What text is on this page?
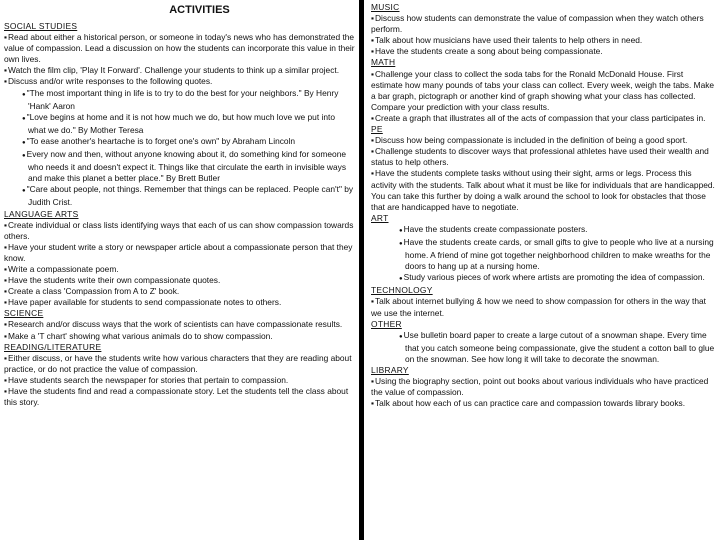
ACTIVITIES

SOCIAL STUDIES

▪ Read about either a historical person, or someone in today's news who has demonstrated the value of compassion. Lead a discussion on how the students can incorporate this value in their own lives.

▪ Watch the film clip, 'Play It Forward'. Challenge your students to think up a similar project.

▪ Discuss and/or write responses to the following quotes.

● "The most important thing in life is to try to do the best for your neighbors." By Henry 'Hank' Aaron

● "Love begins at home and it is not how much we do, but how much love we put into what we do." By Mother Teresa

● "To ease another's heartache is to forget one's own" by Abraham Lincoln

● Every now and then, without anyone knowing about it, do something kind for someone who needs it and doesn't expect it. Things like that circulate the earth in invisible ways and make this planet a better place." By Brett Butler

● "Care about people, not things. Remember that things can be replaced. People can't" by Judith Crist.

LANGUAGE ARTS

▪ Create individual or class lists identifying ways that each of us can show compassion towards others.

▪ Have your student write a story or newspaper article about a compassionate person that they know.

▪ Write a compassionate poem.

▪ Have the students write their own compassionate quotes.

▪ Create a class 'Compassion from A to Z' book.

▪ Have paper available for students to send compassionate notes to others.

SCIENCE

▪ Research and/or discuss ways that the work of scientists can have compassionate results.

▪ Make a 'T chart' showing what various animals do to show compassion.

READING/LITERATURE

▪ Either discuss, or have the students write how various characters that they are reading about practice, or do not practice the value of compassion.

▪ Have students search the newspaper for stories that pertain to compassion.

▪ Have the students find and read a compassionate story. Let the students tell the class about this story.

MUSIC

▪ Discuss how students can demonstrate the value of compassion when they watch others perform.

▪ Talk about how musicians have used their talents to help others in need.

▪ Have the students create a song about being compassionate.

MATH

▪ Challenge your class to collect the soda tabs for the Ronald McDonald House. First estimate how many pounds of tabs your class can collect. Every week, weigh the tabs. Make a bar graph, pictograph or another kind of graph showing what your class has collected. Compare your prediction with your class results.

▪ Create a graph that illustrates all of the acts of compassion that your class participates in.

PE

▪ Discuss how being compassionate is included in the definition of being a good sport.

▪ Challenge students to discover ways that professional athletes have used their wealth and status to help others.

▪ Have the students complete tasks without using their sight, arms or legs. Process this activity with the students. Talk about what it must be like for individuals that are handicapped. You can take this further by doing a walk around the school to look for obstacles that those that are handicapped have to negotiate.

ART

● Have the students create compassionate posters.

● Have the students create cards, or small gifts to give to people who live at a nursing home. A friend of mine got together neighborhood children to make wreaths for the doors to hang up at a nursing home.

● Study various pieces of work where artists are promoting the idea of compassion.

TECHNOLOGY

▪ Talk about internet bullying & how we need to show compassion for others in the way that we use the internet.

OTHER

● Use bulletin board paper to create a large cutout of a snowman shape. Every time that you catch someone being compassionate, give the student a cotton ball to glue on the snowman. See how long it will take to decorate the snowman.

LIBRARY

▪ Using the biography section, point out books about various individuals who have practiced the value of compassion.

▪ Talk about how each of us can practice care and compassion towards library books.
